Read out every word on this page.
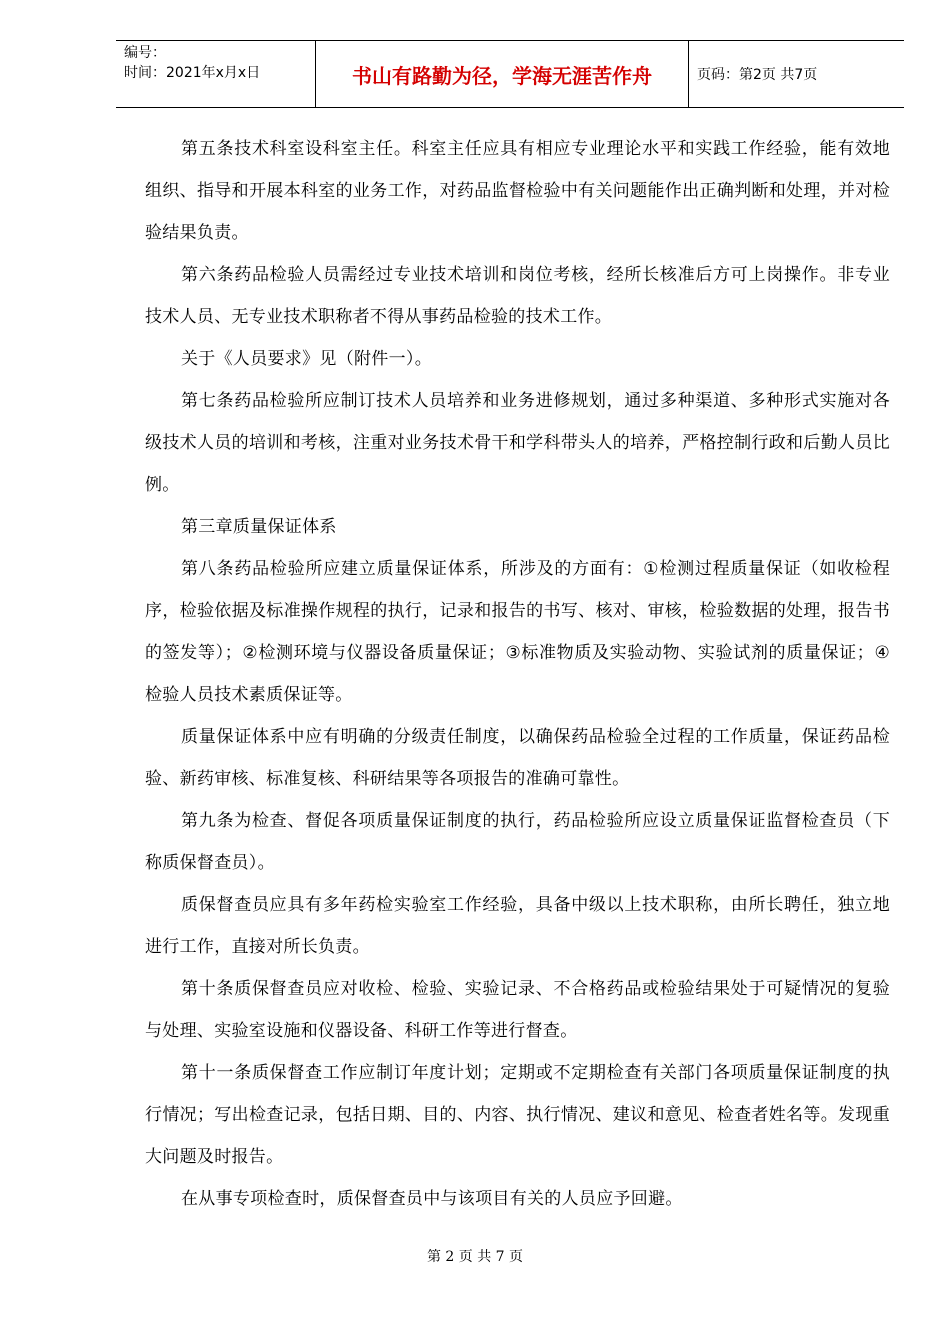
编号：
时间：2021年x月x日	书山有路勤为径，学海无涯苦作舟	页码：第2页 共7页

第五条技术科室设科室主任。科室主任应具有相应专业理论水平和实践工作经验，能有效地组织、指导和开展本科室的业务工作，对药品监督检验中有关问题能作出正确判断和处理，并对检验结果负责。

第六条药品检验人员需经过专业技术培训和岗位考核，经所长核准后方可上岗操作。非专业技术人员、无专业技术职称者不得从事药品检验的技术工作。

关于《人员要求》见（附件一）。

第七条药品检验所应制订技术人员培养和业务进修规划，通过多种渠道、多种形式实施对各级技术人员的培训和考核，注重对业务技术骨干和学科带头人的培养，严格控制行政和后勤人员比例。

第三章质量保证体系

第八条药品检验所应建立质量保证体系，所涉及的方面有：①检测过程质量保证（如收检程序，检验依据及标准操作规程的执行，记录和报告的书写、核对、审核，检验数据的处理，报告书的签发等）；②检测环境与仪器设备质量保证；③标准物质及实验动物、实验试剂的质量保证；④检验人员技术素质保证等。

质量保证体系中应有明确的分级责任制度，以确保药品检验全过程的工作质量，保证药品检验、新药审核、标准复核、科研结果等各项报告的准确可靠性。

第九条为检查、督促各项质量保证制度的执行，药品检验所应设立质量保证监督检查员（下称质保督查员）。

质保督查员应具有多年药检实验室工作经验，具备中级以上技术职称，由所长聘任，独立地进行工作，直接对所长负责。

第十条质保督查员应对收检、检验、实验记录、不合格药品或检验结果处于可疑情况的复验与处理、实验室设施和仪器设备、科研工作等进行督查。

第十一条质保督查工作应制订年度计划；定期或不定期检查有关部门各项质量保证制度的执行情况；写出检查记录，包括日期、目的、内容、执行情况、建议和意见、检查者姓名等。发现重大问题及时报告。

在从事专项检查时，质保督查员中与该项目有关的人员应予回避。

第 2 页 共 7 页
